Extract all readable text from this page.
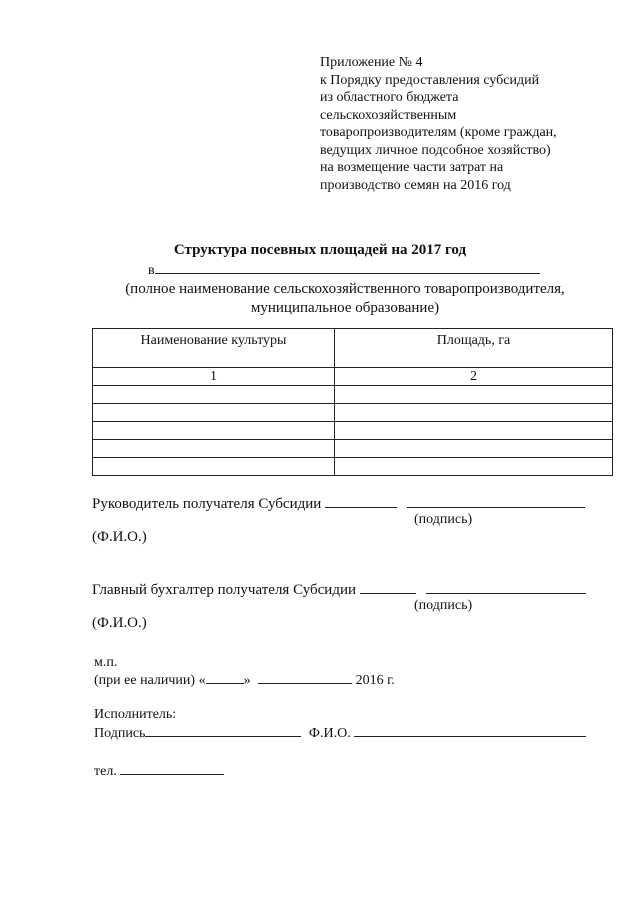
Приложение № 4
к Порядку предоставления субсидий
из областного бюджета
сельскохозяйственным
товаропроизводителям (кроме граждан,
ведущих личное подсобное хозяйство)
на возмещение части затрат на
производство семян на 2016 год
Структура посевных площадей на 2017 год
в
(полное наименование сельскохозяйственного товаропроизводителя,
муниципальное образование)
Наименование культуры	Площадь, га
1	2

Руководитель получателя Субсидии
(подпись)
(Ф.И.О.)
Главный бухгалтер получателя Субсидии
(подпись)
(Ф.И.О.)
м.п.
(при ее наличии) «	»	2016 г.
Исполнитель:
Подпись	Ф.И.О.
тел.
